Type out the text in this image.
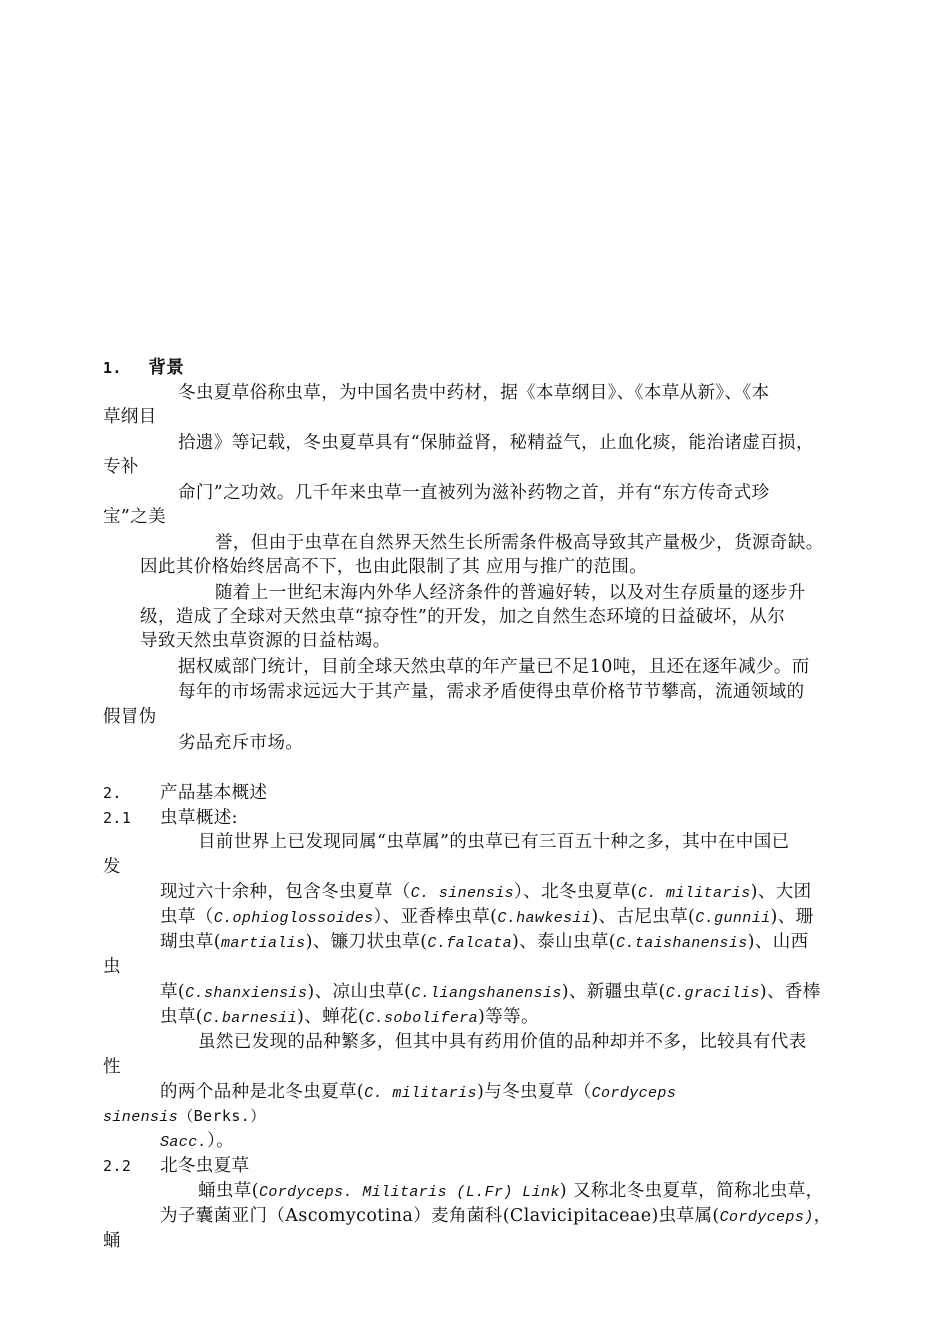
1. 背景
冬虫夏草俗称虫草，为中国名贵中药材，据《本草纲目》、《本草从新》、《本
草纲目
拾遗》等记载，冬虫夏草具有“保肺益肾，秘精益气，止血化痰，能治诸虚百损，
专补
命门”之功效。几千年来虫草一直被列为滋补药物之首，并有“东方传奇式珍
宝”之美
誉，但由于虫草在自然界天然生长所需条件极高导致其产量极少，货源奇缺。
因此其价格始终居高不下，也由此限制了其 应用与推广的范围。
随着上一世纪末海内外华人经济条件的普遍好转，以及对生存质量的逐步升
级，造成了全球对天然虫草“掠夺性”的开发，加之自然生态环境的日益破坏，从尔
导致天然虫草资源的日益枯竭。
据权威部门统计，目前全球天然虫草的年产量已不足10吨，且还在逐年减少。而
每年的市场需求远远大于其产量，需求矛盾使得虫草价格节节攀高，流通领域的
假冒伪
劣品充斥市场。
2. 产品基本概述
2.1 虫草概述:
目前世界上已发现同属“虫草属”的虫草已有三百五十种之多，其中在中国已
发
现过六十余种，包含冬虫夏草（C. sinensis）、北冬虫夏草(C. militaris)、大团
虫草（C.ophioglossoides）、亚香棒虫草(C.hawkesii)、古尼虫草(C.gunnii)、珊
瑚虫草(martialis)、镰刀状虫草(C.falcata)、泰山虫草(C.taishanensis)、山西
虫
草(C.shanxiensis)、凉山虫草(C.liangshanensis)、新疆虫草(C.gracilis)、香棒
虫草(C.barnesii)、蝉花(C.sobolifera)等等。
虽然已发现的品种繁多，但其中具有药用价值的品种却并不多，比较具有代表
性
的两个品种是北冬虫夏草(C. militaris)与冬虫夏草（Cordyceps
sinensis（Berks.）
Sacc.）。
2.2 北冬虫夏草
蛹虫草(Cordyceps. Militaris (L.Fr) Link) 又称北冬虫夏草，简称北虫草，
为子囊菌亚门（Ascomycotina）麦角菌科(Clavicipitaceae)虫草属(Cordyceps)，
蛹
